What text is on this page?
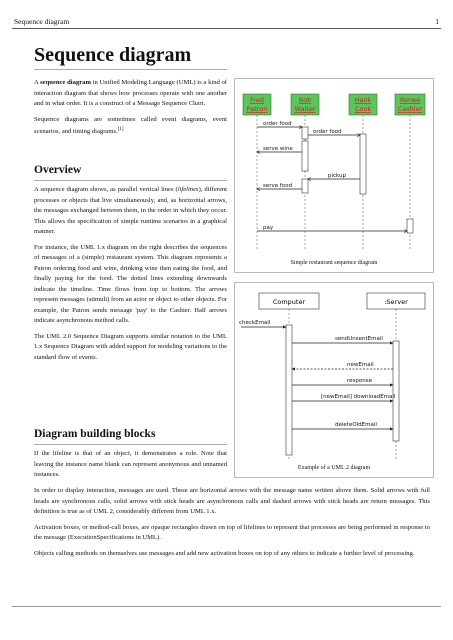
Sequence diagram	1
Sequence diagram

A sequence diagram in Unified Modeling Language (UML) is a kind of interaction diagram that shows how processes operate with one another and in what order. It is a construct of a Message Sequence Chart.

Sequence diagrams are sometimes called event diagrams, event scenarios, and timing diagrams.[1]

Overview

A sequence diagram shows, as parallel vertical lines (lifelines), different processes or objects that live simultaneously, and, as horizontal arrows, the messages exchanged between them, in the order in which they occur. This allows the specification of simple runtime scenarios in a graphical manner.

For instance, the UML 1.x diagram on the right describes the sequences of messages of a (simple) restaurant system. This diagram represents a Patron ordering food and wine, drinking wine then eating the food, and finally paying for the food. The dotted lines extending downwards indicate the timeline. Time flows from top to bottom. The arrows represent messages (stimuli) from an actor or object to other objects. For example, the Patron sends message 'pay' to the Cashier. Half arrows indicate asynchronous method calls.

The UML 2.0 Sequence Diagram supports similar notation to the UML 1.x Sequence Diagram with added support for modeling variations to the standard flow of events.

Diagram building blocks

If the lifeline is that of an object, it demonstrates a role. Note that leaving the instance name blank can represent anonymous and unnamed instances.

In order to display interaction, messages are used. These are horizontal arrows with the message name written above them. Solid arrows with full heads are synchronous calls, solid arrows with stick heads are asynchronous calls and dashed arrows with stick heads are return messages. This definition is true as of UML 2, considerably different from UML 1.x.

Activation boxes, or method-call boxes, are opaque rectangles drawn on top of lifelines to represent that processes are being performed in response to the message (ExecutionSpecifications in UML).

Objects calling methods on themselves use messages and add new activation boxes on top of any others to indicate a further level of processing.

Fred
Patron
Bob
Waiter
Hank
Cook
Renee
Cashier
order food
order food
serve wine
pickup
serve food
pay
Simple restaurant sequence diagram
Computer	:Server
checkEmail
sendUnsentEmail
newEmail
response
[newEmail] downloadEmail
deleteOldEmail
Example of a UML 2 diagram
